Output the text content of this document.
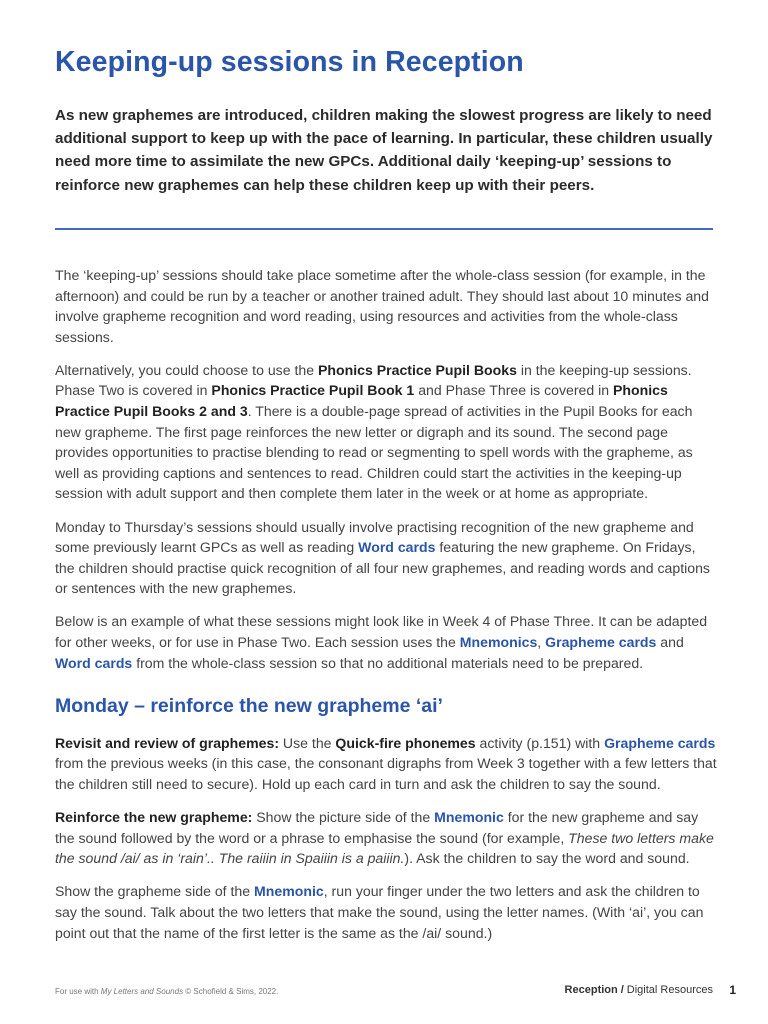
Keeping-up sessions in Reception

As new graphemes are introduced, children making the slowest progress are likely to need additional support to keep up with the pace of learning. In particular, these children usually need more time to assimilate the new GPCs. Additional daily ‘keeping-up’ sessions to reinforce new graphemes can help these children keep up with their peers.

The ‘keeping-up’ sessions should take place sometime after the whole-class session (for example, in the afternoon) and could be run by a teacher or another trained adult. They should last about 10 minutes and involve grapheme recognition and word reading, using resources and activities from the whole-class sessions.

Alternatively, you could choose to use the Phonics Practice Pupil Books in the keeping-up sessions. Phase Two is covered in Phonics Practice Pupil Book 1 and Phase Three is covered in Phonics Practice Pupil Books 2 and 3. There is a double-page spread of activities in the Pupil Books for each new grapheme. The first page reinforces the new letter or digraph and its sound. The second page provides opportunities to practise blending to read or segmenting to spell words with the grapheme, as well as providing captions and sentences to read. Children could start the activities in the keeping-up session with adult support and then complete them later in the week or at home as appropriate.

Monday to Thursday’s sessions should usually involve practising recognition of the new grapheme and some previously learnt GPCs as well as reading Word cards featuring the new grapheme. On Fridays, the children should practise quick recognition of all four new graphemes, and reading words and captions or sentences with the new graphemes.

Below is an example of what these sessions might look like in Week 4 of Phase Three. It can be adapted for other weeks, or for use in Phase Two. Each session uses the Mnemonics, Grapheme cards and Word cards from the whole-class session so that no additional materials need to be prepared.

Monday – reinforce the new grapheme ‘ai’

Revisit and review of graphemes: Use the Quick-fire phonemes activity (p.151) with Grapheme cards from the previous weeks (in this case, the consonant digraphs from Week 3 together with a few letters that the children still need to secure). Hold up each card in turn and ask the children to say the sound.

Reinforce the new grapheme: Show the picture side of the Mnemonic for the new grapheme and say the sound followed by the word or a phrase to emphasise the sound (for example, These two letters make the sound /ai/ as in ‘rain’.. The raiiin in Spaiiin is a paiiin.). Ask the children to say the word and sound.

Show the grapheme side of the Mnemonic, run your finger under the two letters and ask the children to say the sound. Talk about the two letters that make the sound, using the letter names. (With ‘ai’, you can point out that the name of the first letter is the same as the /ai/ sound.)

For use with My Letters and Sounds © Schofield & Sims, 2022.	Reception / Digital Resources 1
